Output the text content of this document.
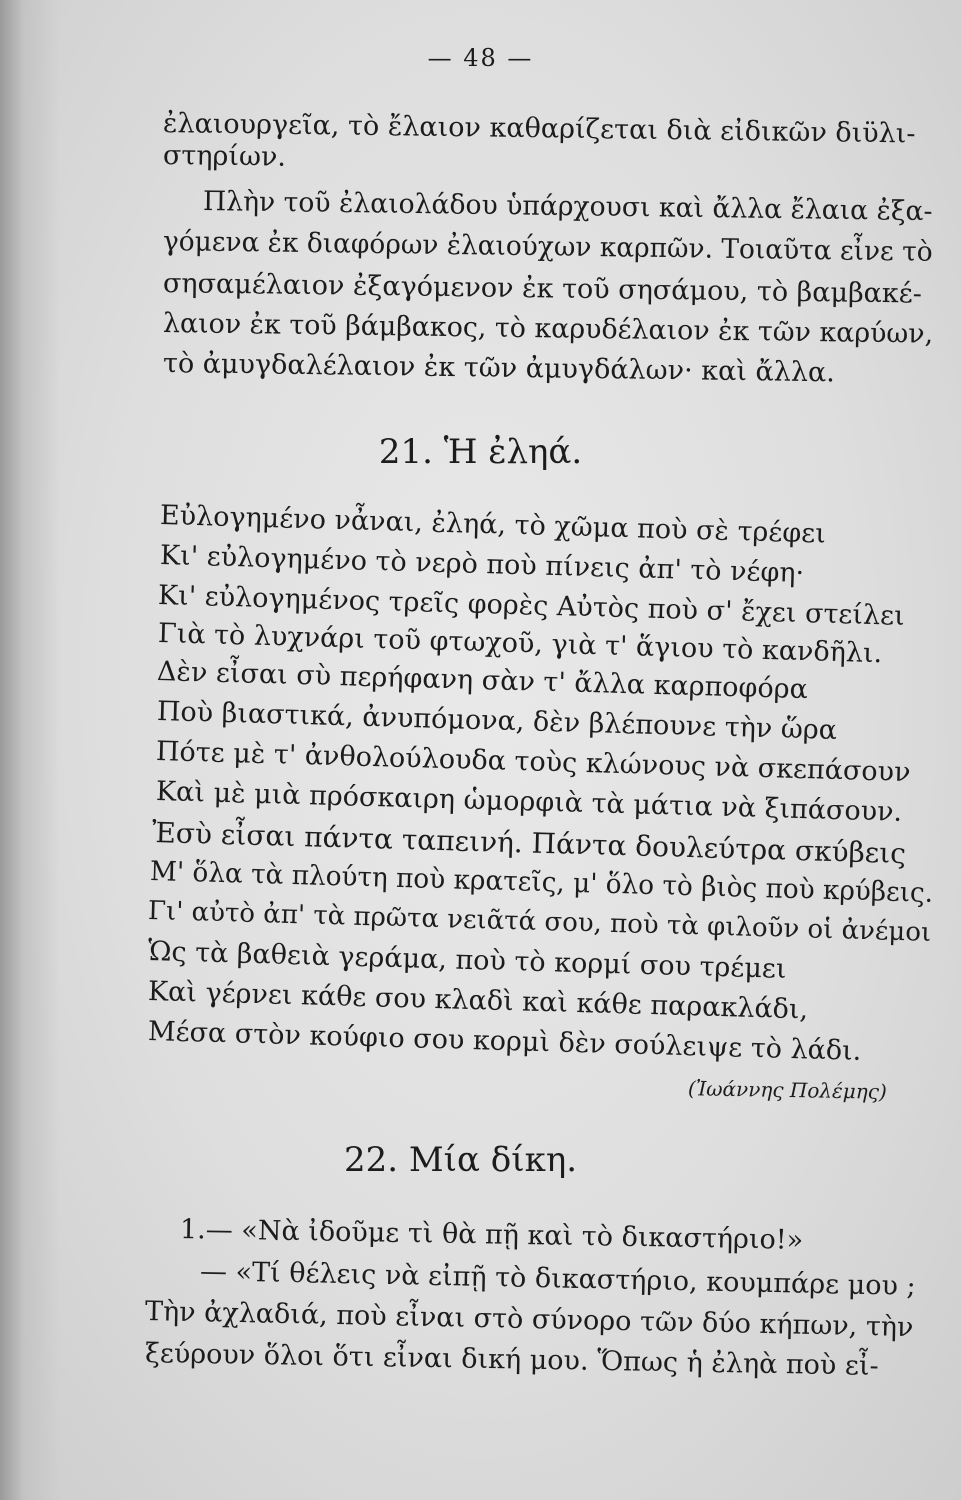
— 48 —
ἐλαιουργεῖα, τὸ ἔλαιον καθαρίζεται διὰ εἰδικῶν διϋλι-
στηρίων.
Πλὴν τοῦ ἐλαιολάδου ὑπάρχουσι καὶ ἄλλα ἔλαια ἐξα-
γόμενα ἐκ διαφόρων ἐλαιούχων καρπῶν. Τοιαῦτα εἶνε τὸ
σησαμέλαιον ἐξαγόμενον ἐκ τοῦ σησάμου, τὸ βαμβακέ-
λαιον ἐκ τοῦ βάμβακος, τὸ καρυδέλαιον ἐκ τῶν καρύων,
τὸ ἀμυγδαλέλαιον ἐκ τῶν ἀμυγδάλων· καὶ ἄλλα.
21. Ἡ ἐληά.
Εὐλογημένο νἆναι, ἐληά, τὸ χῶμα ποὺ σὲ τρέφει
Κι' εὐλογημένο τὸ νερὸ ποὺ πίνεις ἀπ' τὸ νέφη·
Κι' εὐλογημένος τρεῖς φορὲς Αὐτὸς ποὺ σ' ἔχει στείλει
Γιὰ τὸ λυχνάρι τοῦ φτωχοῦ, γιὰ τ' ἅγιου τὸ κανδῆλι.
Δὲν εἶσαι σὺ περήφανη σὰν τ' ἄλλα καρποφόρα
Ποὺ βιαστικά, ἀνυπόμονα, δὲν βλέπουνε τὴν ὥρα
Πότε μὲ τ' ἀνθολούλουδα τοὺς κλώνους νὰ σκεπάσουν
Καὶ μὲ μιὰ πρόσκαιρη ὡμορφιὰ τὰ μάτια νὰ ξιπάσουν.
Ἐσὺ εἶσαι πάντα ταπεινή. Πάντα δουλεύτρα σκύβεις
Μ' ὅλα τὰ πλούτη ποὺ κρατεῖς, μ' ὅλο τὸ βιὸς ποὺ κρύβεις.
Γι' αὐτὸ ἀπ' τὰ πρῶτα νειᾶτά σου, ποὺ τὰ φιλοῦν οἱ ἀνέμοι
Ὡς τὰ βαθειὰ γεράμα, ποὺ τὸ κορμί σου τρέμει
Καὶ γέρνει κάθε σου κλαδὶ καὶ κάθε παρακλάδι,
Μέσα στὸν κούφιο σου κορμὶ δὲν σούλειψε τὸ λάδι.
(Ἰωάννης Πολέμης)
22. Μία δίκη.
1.— «Νὰ ἰδοῦμε τὶ θὰ πῇ καὶ τὸ δικαστήριο!»
— «Τί θέλεις νὰ εἰπῇ τὸ δικαστήριο, κουμπάρε μου ;
Τὴν ἀχλαδιά, ποὺ εἶναι στὸ σύνορο τῶν δύο κήπων, τὴν
ξεύρουν ὅλοι ὅτι εἶναι δική μου. Ὅπως ἡ ἐληὰ ποὺ εἶ-
